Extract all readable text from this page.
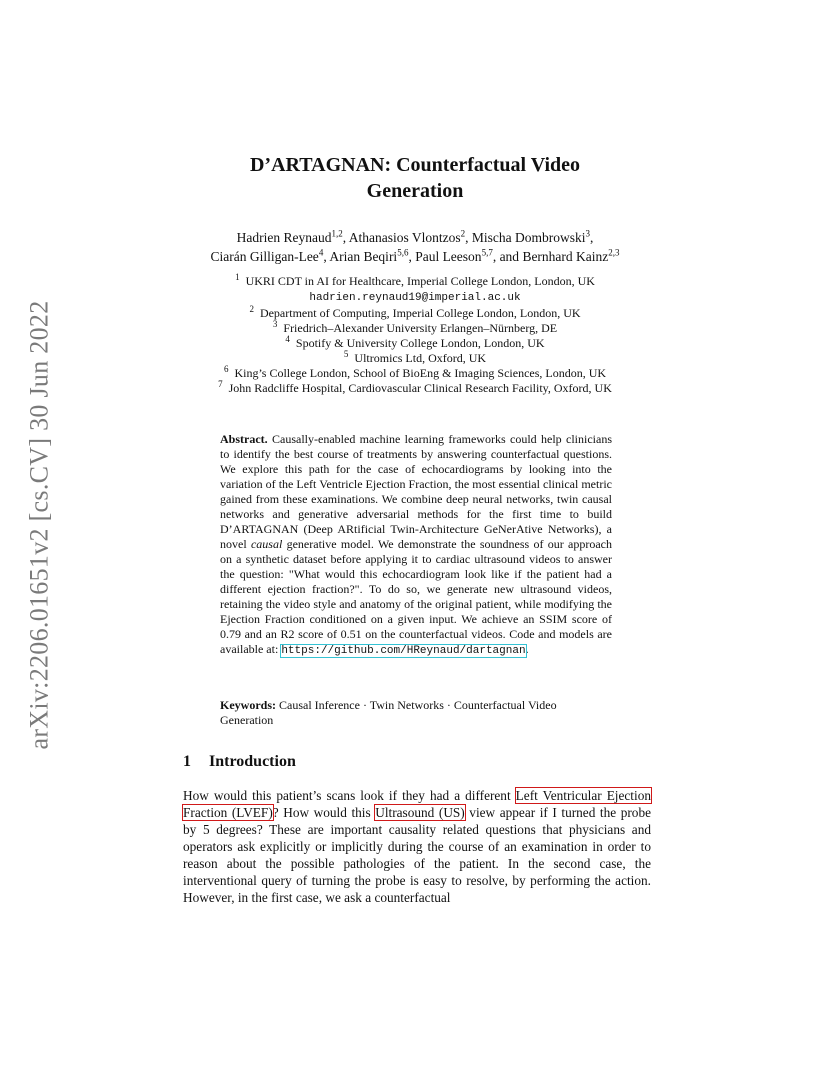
arXiv:2206.01651v2 [cs.CV] 30 Jun 2022
D’ARTAGNAN: Counterfactual Video
Generation
Hadrien Reynaud$^{1,2}$, Athanasios Vlontzos$^2$, Mischa Dombrowski$^3$,
Ciarán Gilligan-Lee$^4$, Arian Beqiri$^{5,6}$, Paul Leeson$^{5,7}$, and Bernhard Kainz$^{2,3}$
$^1$ UKRI CDT in AI for Healthcare, Imperial College London, London, UK
hadrien.reynaud19@imperial.ac.uk
$^2$ Department of Computing, Imperial College London, London, UK
$^3$ Friedrich–Alexander University Erlangen–Nürnberg, DE
$^4$ Spotify & University College London, London, UK
$^5$ Ultromics Ltd, Oxford, UK
$^6$ King’s College London, School of BioEng & Imaging Sciences, London, UK
$^7$ John Radcliffe Hospital, Cardiovascular Clinical Research Facility, Oxford, UK
Abstract. Causally-enabled machine learning frameworks could help clinicians to identify the best course of treatments by answering counterfactual questions. We explore this path for the case of echocardiograms by looking into the variation of the Left Ventricle Ejection Fraction, the most essential clinical metric gained from these examinations. We combine deep neural networks, twin causal networks and generative adversarial methods for the first time to build D’ARTAGNAN (Deep ARtificial Twin-Architecture GeNerAtive Networks), a novel causal generative model. We demonstrate the soundness of our approach on a synthetic dataset before applying it to cardiac ultrasound videos to answer the question: "What would this echocardiogram look like if the patient had a different ejection fraction?". To do so, we generate new ultrasound videos, retaining the video style and anatomy of the original patient, while modifying the Ejection Fraction conditioned on a given input. We achieve an SSIM score of 0.79 and an R2 score of 0.51 on the counterfactual videos. Code and models are available at: https://github.com/HReynaud/dartagnan.
Keywords: Causal Inference · Twin Networks · Counterfactual Video Generation
1 Introduction
How would this patient’s scans look if they had a different Left Ventricular Ejection Fraction (LVEF)? How would this Ultrasound (US) view appear if I turned the probe by 5 degrees? These are important causality related questions that physicians and operators ask explicitly or implicitly during the course of an examination in order to reason about the possible pathologies of the patient. In the second case, the interventional query of turning the probe is easy to resolve, by performing the action. However, in the first case, we ask a counterfactual
